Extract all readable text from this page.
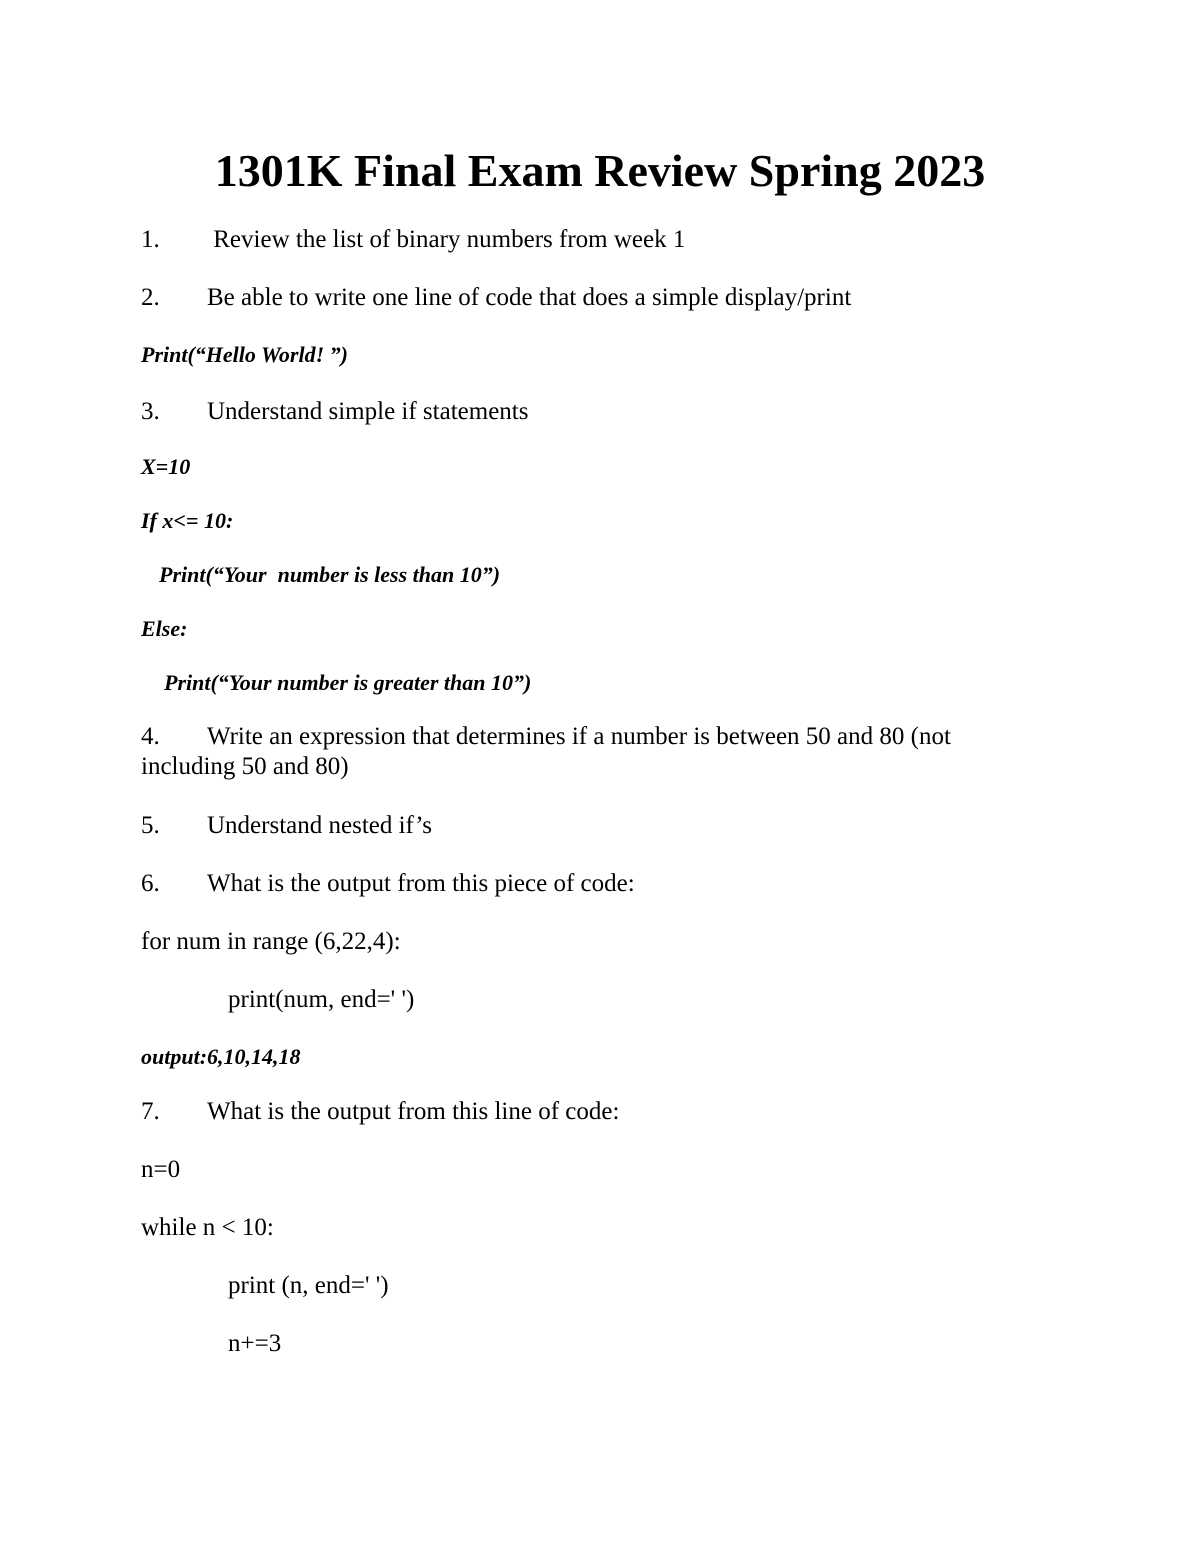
1301K Final Exam Review Spring 2023
1. Review the list of binary numbers from week 1
2. Be able to write one line of code that does a simple display/print
Print(“Hello World! ”)
3. Understand simple if statements
X=10
If x<= 10:
Print(“Your  number is less than 10”)
Else:
Print(“Your number is greater than 10”)
4. Write an expression that determines if a number is between 50 and 80 (not including 50 and 80)
5. Understand nested if’s
6. What is the output from this piece of code:
for num in range (6,22,4):
print(num, end=' ')
output:6,10,14,18
7. What is the output from this line of code:
n=0
while n < 10:
print (n, end=' ')
n+=3
